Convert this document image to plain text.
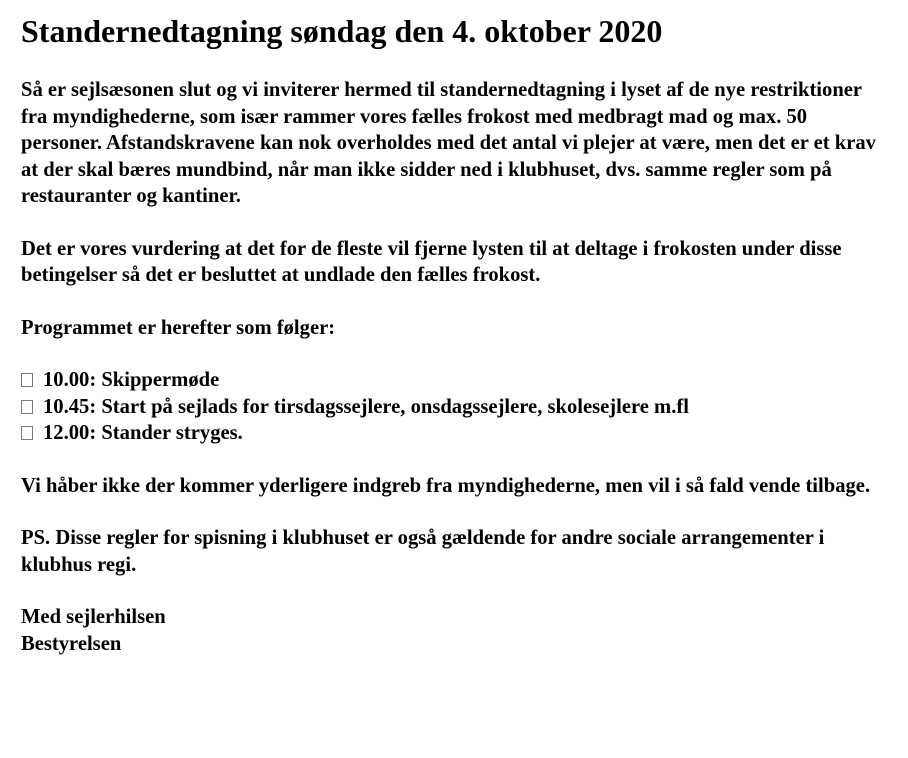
Standernedtagning søndag den 4. oktober 2020

Så er sejlsæsonen slut og vi inviterer hermed til standernedtagning i lyset af de nye restriktioner fra myndighederne, som især rammer vores fælles frokost med medbragt mad og max. 50 personer. Afstandskravene kan nok overholdes med det antal vi plejer at være, men det er et krav at der skal bæres mundbind, når man ikke sidder ned i klubhuset, dvs. samme regler som på restauranter og kantiner.

Det er vores vurdering at det for de fleste vil fjerne lysten til at deltage i frokosten under disse betingelser så det er besluttet at undlade den fælles frokost.

Programmet er herefter som følger:

10.00: Skippermøde
10.45: Start på sejlads for tirsdagssejlere, onsdagssejlere, skolesejlere m.fl
12.00: Stander stryges.

Vi håber ikke der kommer yderligere indgreb fra myndighederne, men vil i så fald vende tilbage.

PS. Disse regler for spisning i klubhuset er også gældende for andre sociale arrangementer i klubhus regi.

Med sejlerhilsen
Bestyrelsen
